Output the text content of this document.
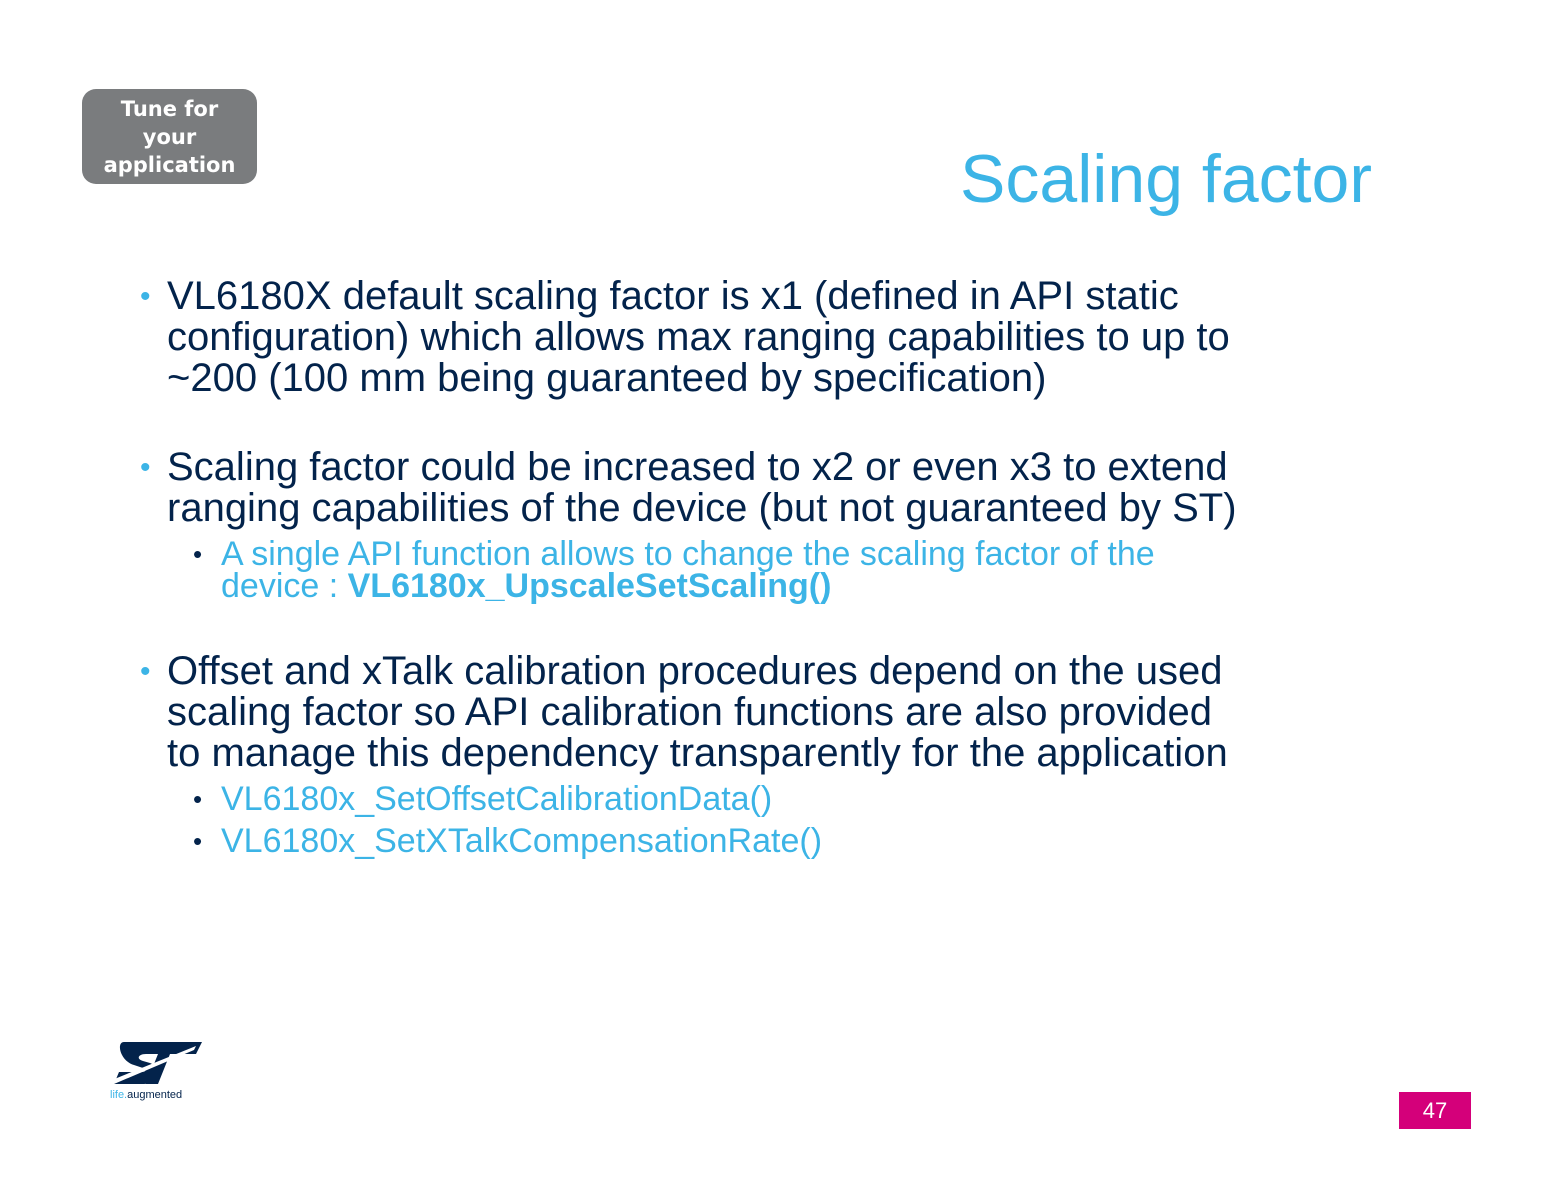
Tune for
your
application	Scaling factor
• VL6180X default scaling factor is x1 (defined in API static
configuration) which allows max ranging capabilities to up to
~200 (100 mm being guaranteed by specification)
• Scaling factor could be increased to x2 or even x3 to extend
ranging capabilities of the device (but not guaranteed by ST)
• A single API function allows to change the scaling factor of the
device : VL6180x_UpscaleSetScaling()
• Offset and xTalk calibration procedures depend on the used
scaling factor so API calibration functions are also provided
to manage this dependency transparently for the application
• VL6180x_SetOffsetCalibrationData()
• VL6180x_SetXTalkCompensationRate()
life.augmented
47
